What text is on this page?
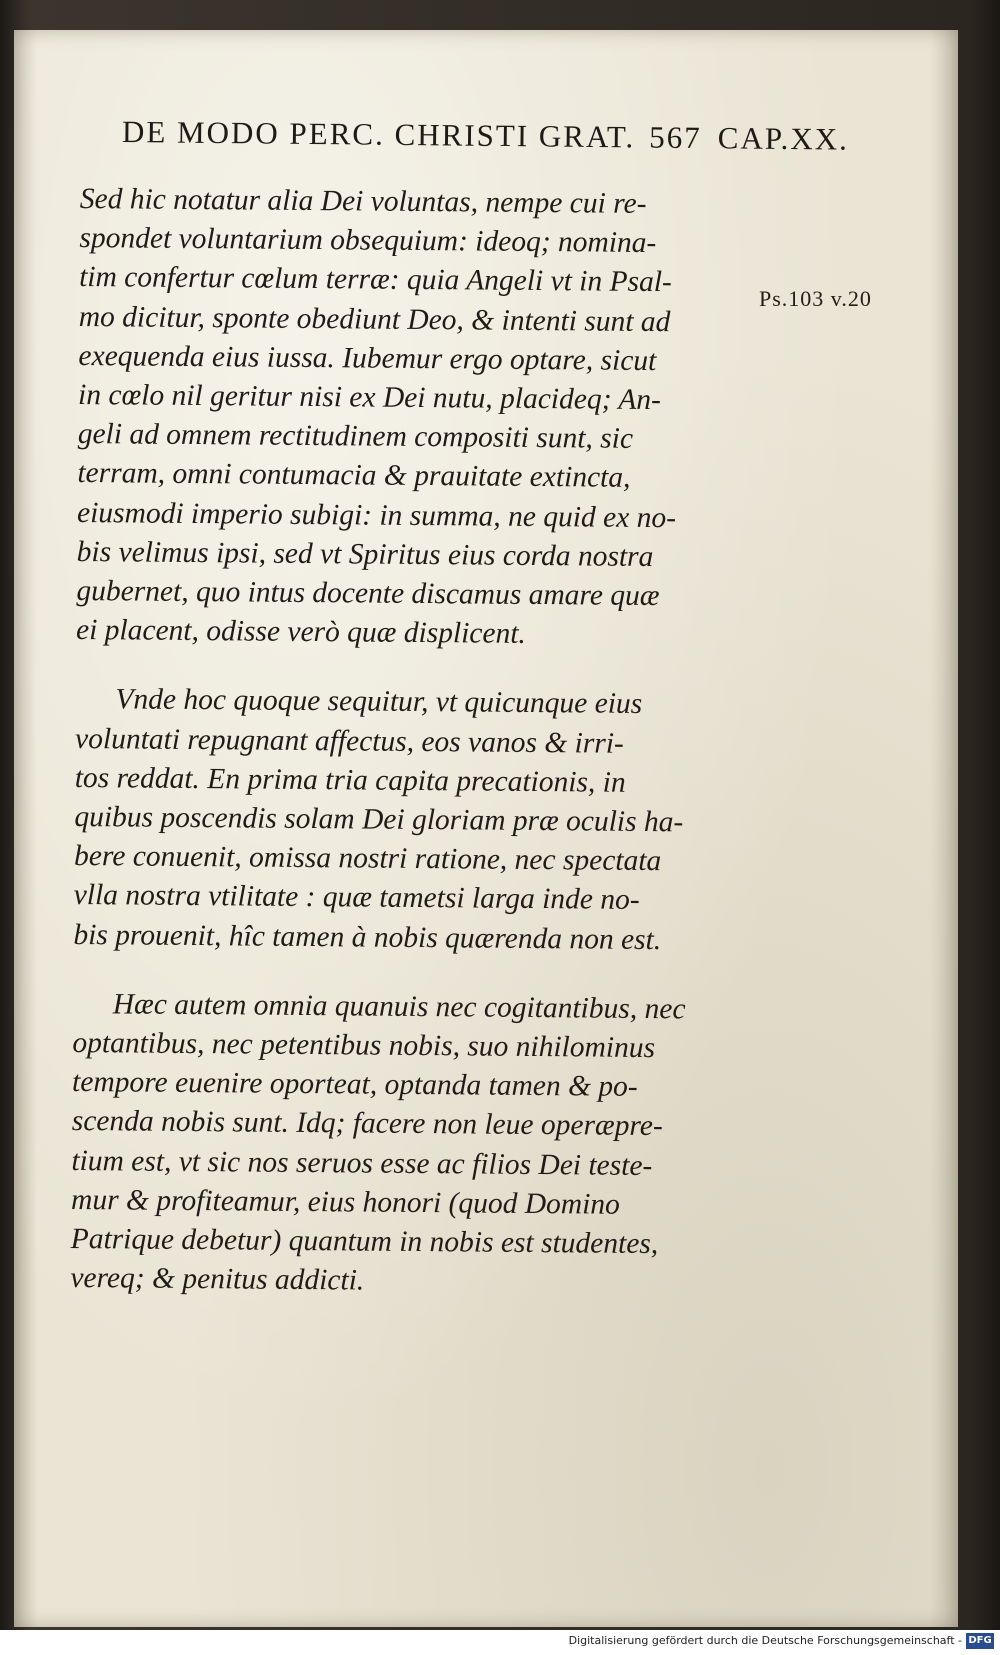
DE MODO PERC. CHRISTI GRAT. 567 CAP.XX.
Ps.103 v.20
Sed hic notatur alia Dei voluntas, nempe cui re-
spondet voluntarium obsequium: ideoq; nomina-
tim confertur cœlum terræ: quia Angeli vt in Psal-
mo dicitur, sponte obediunt Deo, & intenti sunt ad
exequenda eius iussa. Iubemur ergo optare, sicut
in cœlo nil geritur nisi ex Dei nutu, placideq; An-
geli ad omnem rectitudinem compositi sunt, sic
terram, omni contumacia & prauitate extincta,
eiusmodi imperio subigi: in summa, ne quid ex no-
bis velimus ipsi, sed vt Spiritus eius corda nostra
gubernet, quo intus docente discamus amare quæ
ei placent, odisse verò quæ displicent.
Vnde hoc quoque sequitur, vt quicunque eius
voluntati repugnant affectus, eos vanos & irri-
tos reddat. En prima tria capita precationis, in
quibus poscendis solam Dei gloriam præ oculis ha-
bere conuenit, omissa nostri ratione, nec spectata
vlla nostra vtilitate : quæ tametsi larga inde no-
bis prouenit, hîc tamen à nobis quærenda non est.
Hæc autem omnia quanuis nec cogitantibus, nec
optantibus, nec petentibus nobis, suo nihilominus
tempore euenire oporteat, optanda tamen & po-
scenda nobis sunt. Idq; facere non leue operæpre-
tium est, vt sic nos seruos esse ac filios Dei teste-
mur & profiteamur, eius honori (quod Domino
Patrique debetur) quantum in nobis est studentes,
vereq; & penitus addicti.
Digitalisierung gefördert durch die Deutsche Forschungsgemeinschaft - DFG
